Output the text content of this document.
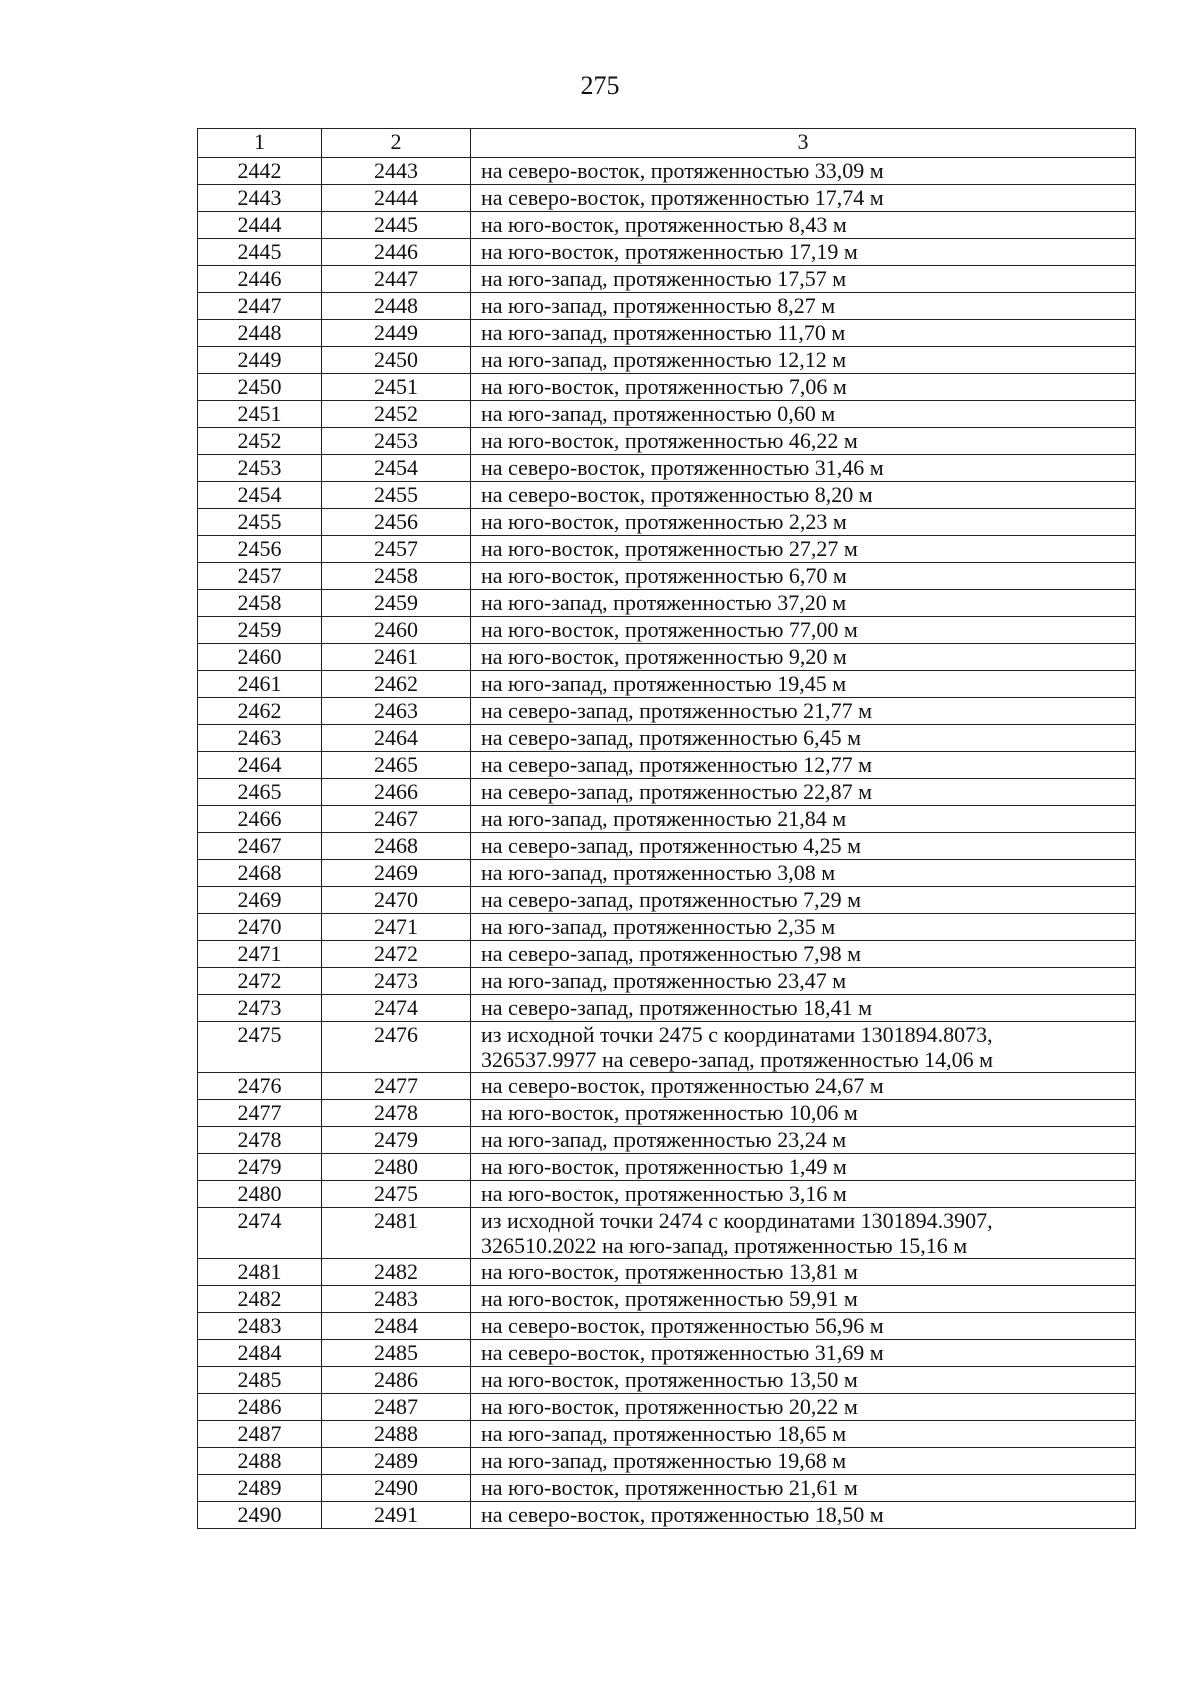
275
1	2	3
2442	2443	на северо-восток, протяженностью 33,09 м
2443	2444	на северо-восток, протяженностью 17,74 м
2444	2445	на юго-восток, протяженностью 8,43 м
2445	2446	на юго-восток, протяженностью 17,19 м
2446	2447	на юго-запад, протяженностью 17,57 м
2447	2448	на юго-запад, протяженностью 8,27 м
2448	2449	на юго-запад, протяженностью 11,70 м
2449	2450	на юго-запад, протяженностью 12,12 м
2450	2451	на юго-восток, протяженностью 7,06 м
2451	2452	на юго-запад, протяженностью 0,60 м
2452	2453	на юго-восток, протяженностью 46,22 м
2453	2454	на северо-восток, протяженностью 31,46 м
2454	2455	на северо-восток, протяженностью 8,20 м
2455	2456	на юго-восток, протяженностью 2,23 м
2456	2457	на юго-восток, протяженностью 27,27 м
2457	2458	на юго-восток, протяженностью 6,70 м
2458	2459	на юго-запад, протяженностью 37,20 м
2459	2460	на юго-восток, протяженностью 77,00 м
2460	2461	на юго-восток, протяженностью 9,20 м
2461	2462	на юго-запад, протяженностью 19,45 м
2462	2463	на северо-запад, протяженностью 21,77 м
2463	2464	на северо-запад, протяженностью 6,45 м
2464	2465	на северо-запад, протяженностью 12,77 м
2465	2466	на северо-запад, протяженностью 22,87 м
2466	2467	на юго-запад, протяженностью 21,84 м
2467	2468	на северо-запад, протяженностью 4,25 м
2468	2469	на юго-запад, протяженностью 3,08 м
2469	2470	на северо-запад, протяженностью 7,29 м
2470	2471	на юго-запад, протяженностью 2,35 м
2471	2472	на северо-запад, протяженностью 7,98 м
2472	2473	на юго-запад, протяженностью 23,47 м
2473	2474	на северо-запад, протяженностью 18,41 м
2475	2476	из исходной точки 2475 с координатами 1301894.8073,
326537.9977 на северо-запад, протяженностью 14,06 м
2476	2477	на северо-восток, протяженностью 24,67 м
2477	2478	на юго-восток, протяженностью 10,06 м
2478	2479	на юго-запад, протяженностью 23,24 м
2479	2480	на юго-восток, протяженностью 1,49 м
2480	2475	на юго-восток, протяженностью 3,16 м
2474	2481	из исходной точки 2474 с координатами 1301894.3907,
326510.2022 на юго-запад, протяженностью 15,16 м
2481	2482	на юго-восток, протяженностью 13,81 м
2482	2483	на юго-восток, протяженностью 59,91 м
2483	2484	на северо-восток, протяженностью 56,96 м
2484	2485	на северо-восток, протяженностью 31,69 м
2485	2486	на юго-восток, протяженностью 13,50 м
2486	2487	на юго-восток, протяженностью 20,22 м
2487	2488	на юго-запад, протяженностью 18,65 м
2488	2489	на юго-запад, протяженностью 19,68 м
2489	2490	на юго-восток, протяженностью 21,61 м
2490	2491	на северо-восток, протяженностью 18,50 м
